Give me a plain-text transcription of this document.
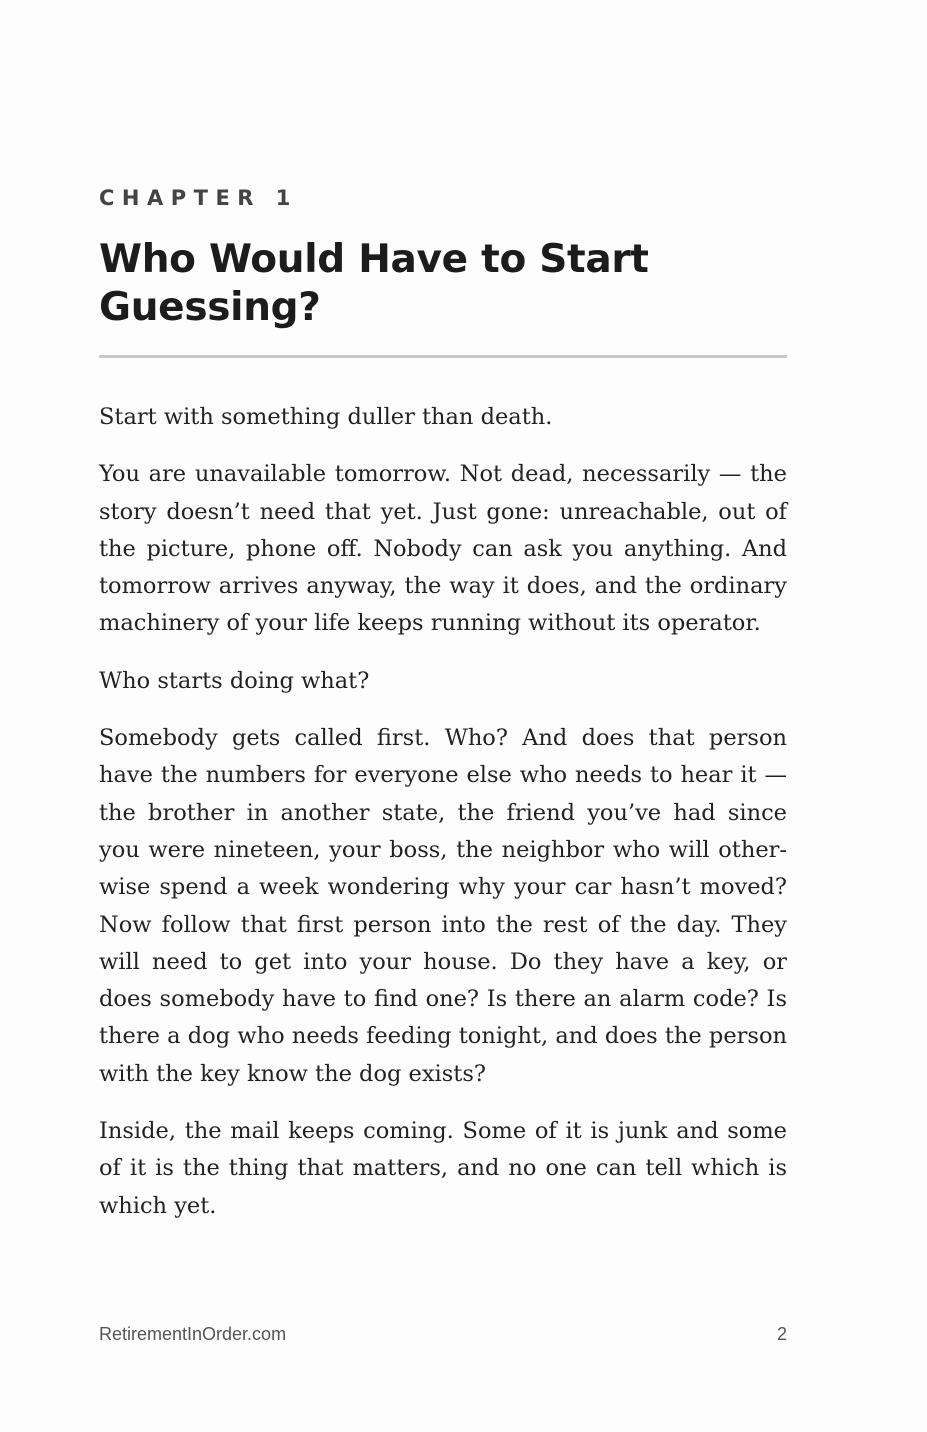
CHAPTER 1
Who Would Have to Start Guessing?

Start with something duller than death.

You are unavailable tomorrow. Not dead, necessarily — the story doesn’t need that yet. Just gone: unreachable, out of the picture, phone off. Nobody can ask you anything. And tomorrow arrives anyway, the way it does, and the ordinary machinery of your life keeps running without its operator.

Who starts doing what?

Somebody gets called first. Who? And does that person have the numbers for everyone else who needs to hear it — the brother in another state, the friend you’ve had since you were nineteen, your boss, the neighbor who will otherwise spend a week wondering why your car hasn’t moved? Now follow that first person into the rest of the day. They will need to get into your house. Do they have a key, or does somebody have to find one? Is there an alarm code? Is there a dog who needs feeding tonight, and does the person with the key know the dog exists?

Inside, the mail keeps coming. Some of it is junk and some of it is the thing that matters, and no one can tell which is which yet.

RetirementInOrder.com	2
